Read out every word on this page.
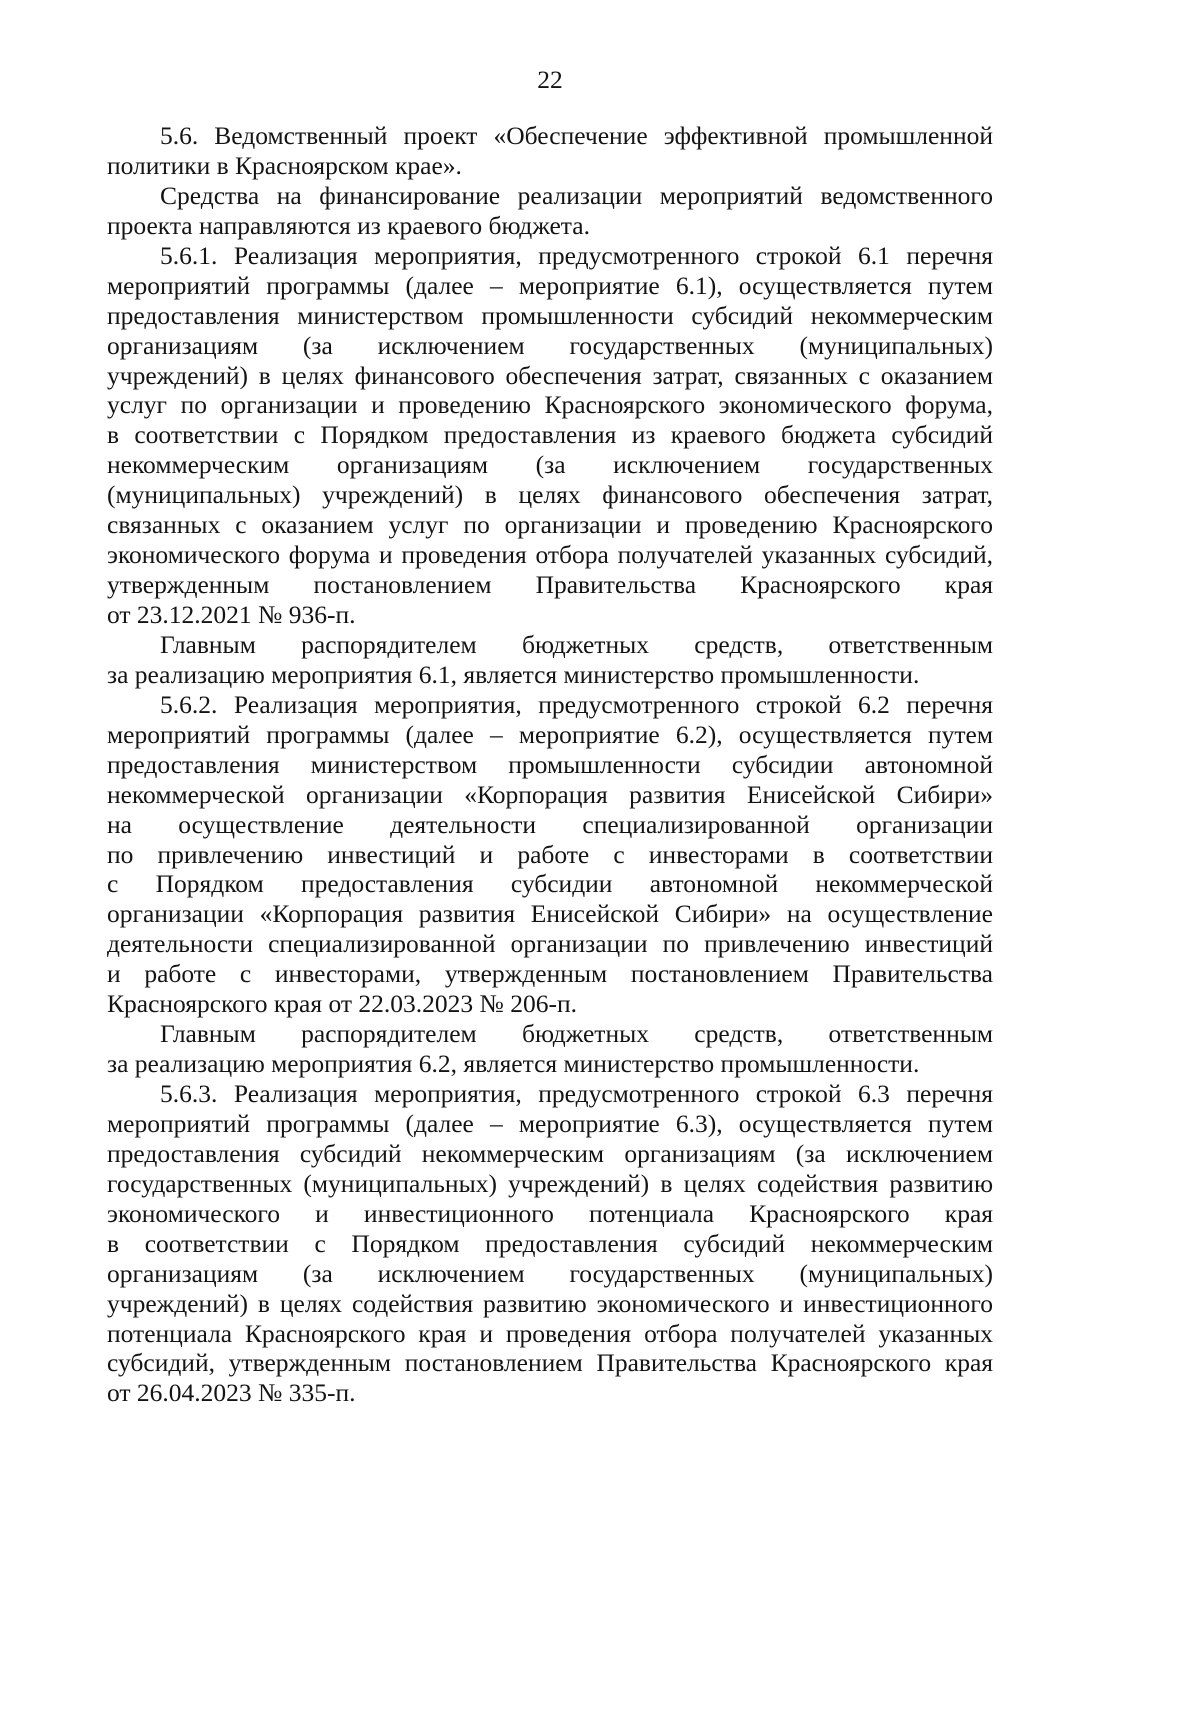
22
5.6. Ведомственный проект «Обеспечение эффективной промышленной
политики в Красноярском крае».
Средства на финансирование реализации мероприятий ведомственного
проекта направляются из краевого бюджета.
5.6.1. Реализация мероприятия, предусмотренного строкой 6.1 перечня
мероприятий программы (далее – мероприятие 6.1), осуществляется путем
предоставления министерством промышленности субсидий некоммерческим
организациям (за исключением государственных (муниципальных)
учреждений) в целях финансового обеспечения затрат, связанных с оказанием
услуг по организации и проведению Красноярского экономического форума,
в соответствии с Порядком предоставления из краевого бюджета субсидий
некоммерческим организациям (за исключением государственных
(муниципальных) учреждений) в целях финансового обеспечения затрат,
связанных с оказанием услуг по организации и проведению Красноярского
экономического форума и проведения отбора получателей указанных субсидий,
утвержденным постановлением Правительства Красноярского края
от 23.12.2021 № 936-п.
Главным распорядителем бюджетных средств, ответственным
за реализацию мероприятия 6.1, является министерство промышленности.
5.6.2. Реализация мероприятия, предусмотренного строкой 6.2 перечня
мероприятий программы (далее – мероприятие 6.2), осуществляется путем
предоставления министерством промышленности субсидии автономной
некоммерческой организации «Корпорация развития Енисейской Сибири»
на осуществление деятельности специализированной организации
по привлечению инвестиций и работе с инвесторами в соответствии
с Порядком предоставления субсидии автономной некоммерческой
организации «Корпорация развития Енисейской Сибири» на осуществление
деятельности специализированной организации по привлечению инвестиций
и работе с инвесторами, утвержденным постановлением Правительства
Красноярского края от 22.03.2023 № 206-п.
Главным распорядителем бюджетных средств, ответственным
за реализацию мероприятия 6.2, является министерство промышленности.
5.6.3. Реализация мероприятия, предусмотренного строкой 6.3 перечня
мероприятий программы (далее – мероприятие 6.3), осуществляется путем
предоставления субсидий некоммерческим организациям (за исключением
государственных (муниципальных) учреждений) в целях содействия развитию
экономического и инвестиционного потенциала Красноярского края
в соответствии с Порядком предоставления субсидий некоммерческим
организациям (за исключением государственных (муниципальных)
учреждений) в целях содействия развитию экономического и инвестиционного
потенциала Красноярского края и проведения отбора получателей указанных
субсидий, утвержденным постановлением Правительства Красноярского края
от 26.04.2023 № 335-п.
